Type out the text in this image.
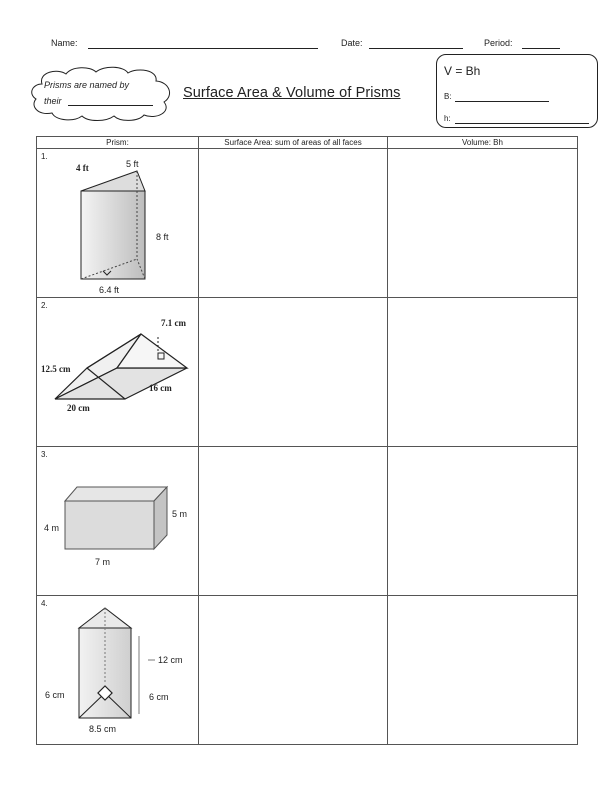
Name:	Date:	Period:
Prisms are named by
their	Surface Area & Volume of Prisms
V = Bh
B:
h:
Prism:	Surface Area: sum of areas of all faces	Volume: Bh

1.
4 ft 5 ft
8 ft
6.4 ft		

2.
7.1 cm
12.5 cm
16 cm
20 cm		

3.
5 m
4 m
7 m		

4.
12 cm
6 cm 6 cm
8.5 cm		
